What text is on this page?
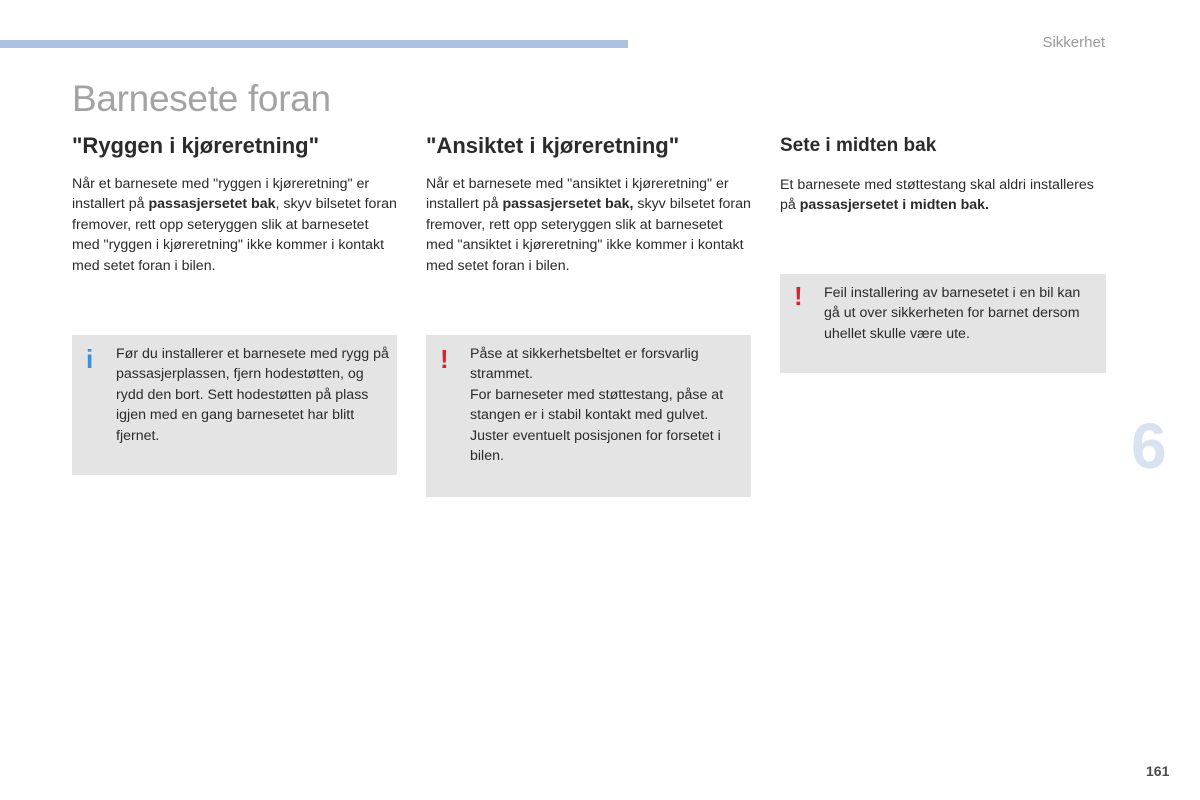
Sikkerhet
Barnesete foran
"Ryggen i kjøreretning"

Når et barnesete med "ryggen i kjøreretning" er installert på passasjersetet bak, skyv bilsetet foran fremover, rett opp seteryggen slik at barnesetet med "ryggen i kjøreretning" ikke kommer i kontakt med setet foran i bilen.

"Ansiktet i kjøreretning"

Når et barnesete med "ansiktet i kjøreretning" er installert på passasjersetet bak, skyv bilsetet foran fremover, rett opp seteryggen slik at barnesetet med "ansiktet i kjøreretning" ikke kommer i kontakt med setet foran i bilen.

Sete i midten bak

Et barnesete med støttestang skal aldri installeres på passasjersetet i midten bak.

i Før du installerer et barnesete med rygg på passasjerplassen, fjern hodestøtten, og rydd den bort. Sett hodestøtten på plass igjen med en gang barnesetet har blitt fjernet.
! Påse at sikkerhetsbeltet er forsvarlig strammet.
For barneseter med støttestang, påse at stangen er i stabil kontakt med gulvet. Juster eventuelt posisjonen for forsetet i bilen.
! Feil installering av barnesetet i en bil kan gå ut over sikkerheten for barnet dersom uhellet skulle være ute.
6
161
